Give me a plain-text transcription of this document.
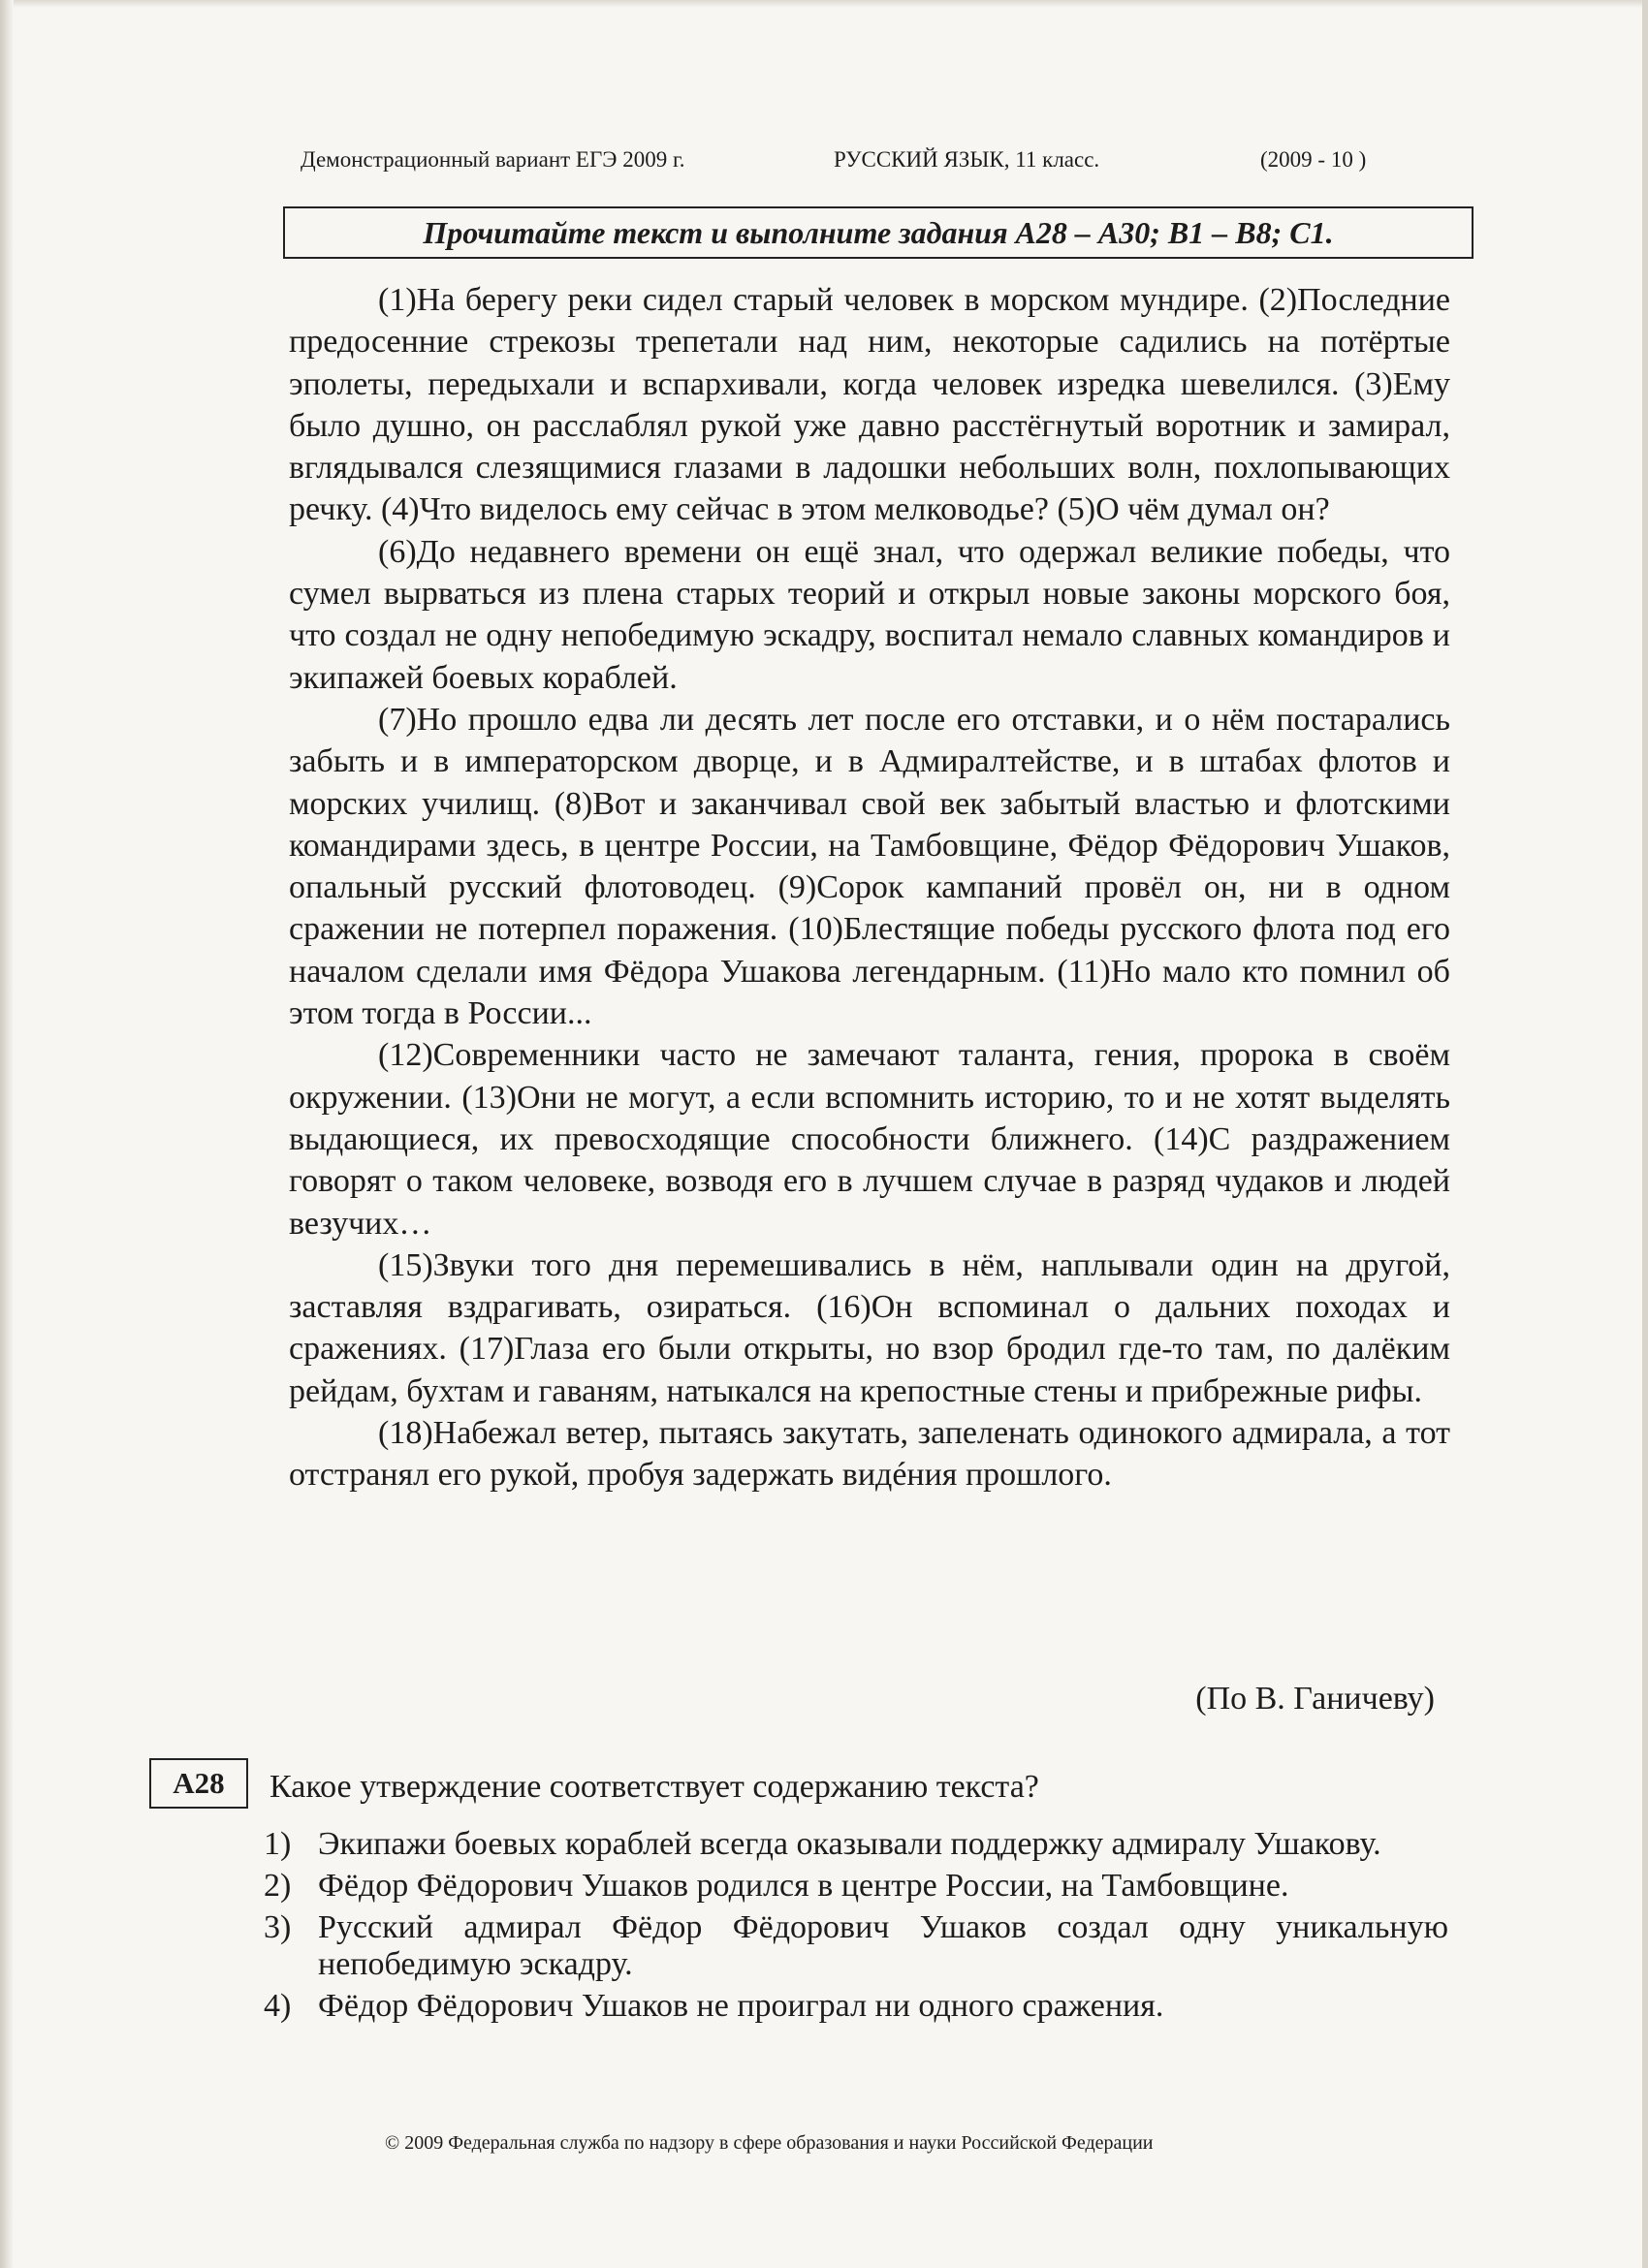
Демонстрационный вариант ЕГЭ 2009 г.	РУССКИЙ ЯЗЫК, 11 класс.	(2009 - 10 )
Прочитайте текст и выполните задания А28 – А30; В1 – В8; С1.

(1)На берегу реки сидел старый человек в морском мундире. (2)Последние предосенние стрекозы трепетали над ним, некоторые садились на потёртые эполеты, передыхали и вспархивали, когда человек изредка шевелился. (3)Ему было душно, он расслаблял рукой уже давно расстёгнутый воротник и замирал, вглядывался слезящимися глазами в ладошки небольших волн, похлопывающих речку. (4)Что виделось ему сейчас в этом мелководье? (5)О чём думал он?

(6)До недавнего времени он ещё знал, что одержал великие победы, что сумел вырваться из плена старых теорий и открыл новые законы морского боя, что создал не одну непобедимую эскадру, воспитал немало славных командиров и экипажей боевых кораблей.

(7)Но прошло едва ли десять лет после его отставки, и о нём постарались забыть и в императорском дворце, и в Адмиралтействе, и в штабах флотов и морских училищ. (8)Вот и заканчивал свой век забытый властью и флотскими командирами здесь, в центре России, на Тамбовщине, Фёдор Фёдорович Ушаков, опальный русский флотоводец. (9)Сорок кампаний провёл он, ни в одном сражении не потерпел поражения. (10)Блестящие победы русского флота под его началом сделали имя Фёдора Ушакова легендарным. (11)Но мало кто помнил об этом тогда в России...

(12)Современники часто не замечают таланта, гения, пророка в своём окружении. (13)Они не могут, а если вспомнить историю, то и не хотят выделять выдающиеся, их превосходящие способности ближнего. (14)С раздражением говорят о таком человеке, возводя его в лучшем случае в разряд чудаков и людей везучих…

(15)Звуки того дня перемешивались в нём, наплывали один на другой, заставляя вздрагивать, озираться. (16)Он вспоминал о дальних походах и сражениях. (17)Глаза его были открыты, но взор бродил где-то там, по далёким рейдам, бухтам и гаваням, натыкался на крепостные стены и прибрежные рифы.

(18)Набежал ветер, пытаясь закутать, запеленать одинокого адмирала, а тот отстранял его рукой, пробуя задержать видéния прошлого.

(По В. Ганичеву)
А28 Какое утверждение соответствует содержанию текста?
1) Экипажи боевых кораблей всегда оказывали поддержку адмиралу Ушакову.
2) Фёдор Фёдорович Ушаков родился в центре России, на Тамбовщине.
3) Русский адмирал Фёдор Фёдорович Ушаков создал одну уникальную непобедимую эскадру.
4) Фёдор Фёдорович Ушаков не проиграл ни одного сражения.
© 2009 Федеральная служба по надзору в сфере образования и науки Российской Федерации
